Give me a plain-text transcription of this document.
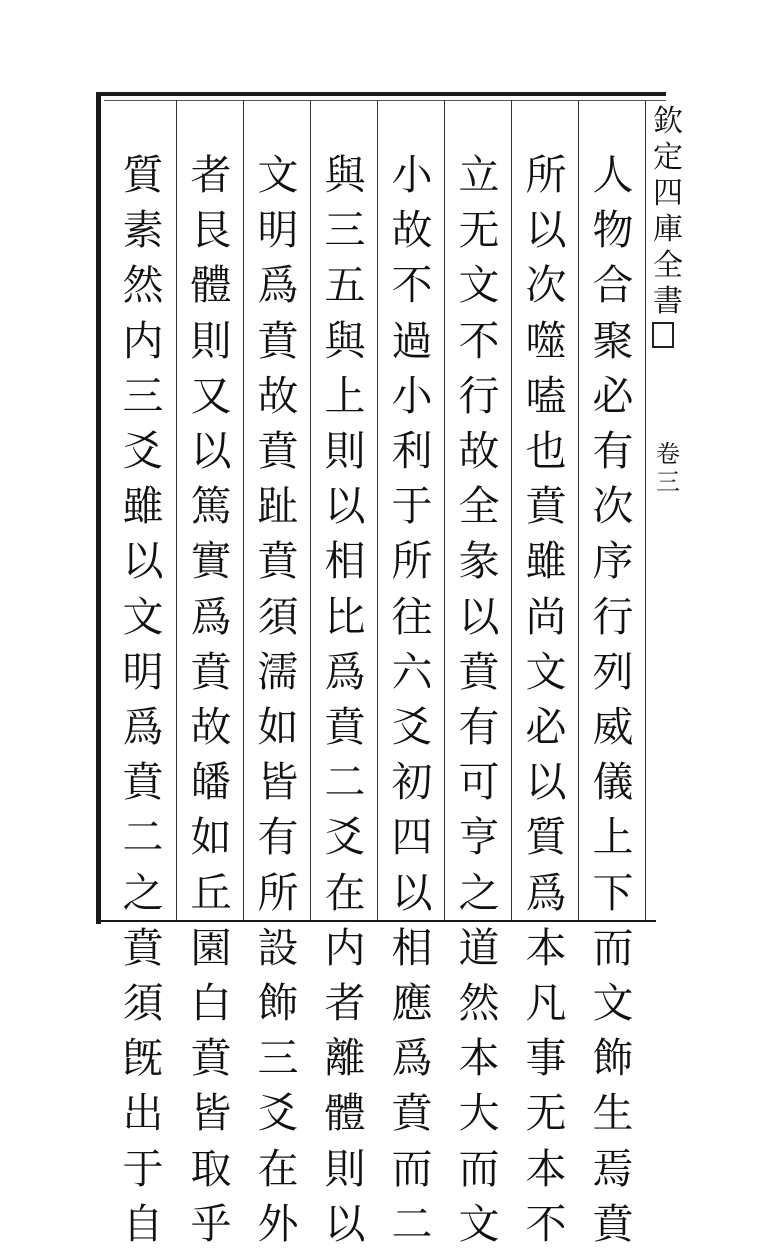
欽
定
四
庫
全
書
卷
三
人
物
合
聚
必
有
次
序
行
列
威
儀
上
下
而
文
飾
生
焉
賁
所
以
次
噬
嗑
也
賁
雖
尚
文
必
以
質
爲
本
凡
事
无
本
不
立
无
文
不
行
故
全
彖
以
賁
有
可
亨
之
道
然
本
大
而
文
小
故
不
過
小
利
于
所
往
六
爻
初
四
以
相
應
爲
賁
而
二
與
三
五
與
上
則
以
相
比
爲
賁
二
爻
在
内
者
離
體
則
以
文
明
爲
賁
故
賁
趾
賁
須
濡
如
皆
有
所
設
飾
三
爻
在
外
者
艮
體
則
又
以
篤
實
爲
賁
故
皤
如
丘
園
白
賁
皆
取
乎
質
素
然
内
三
爻
雖
以
文
明
爲
賁
二
之
賁
須
旣
出
于
自
